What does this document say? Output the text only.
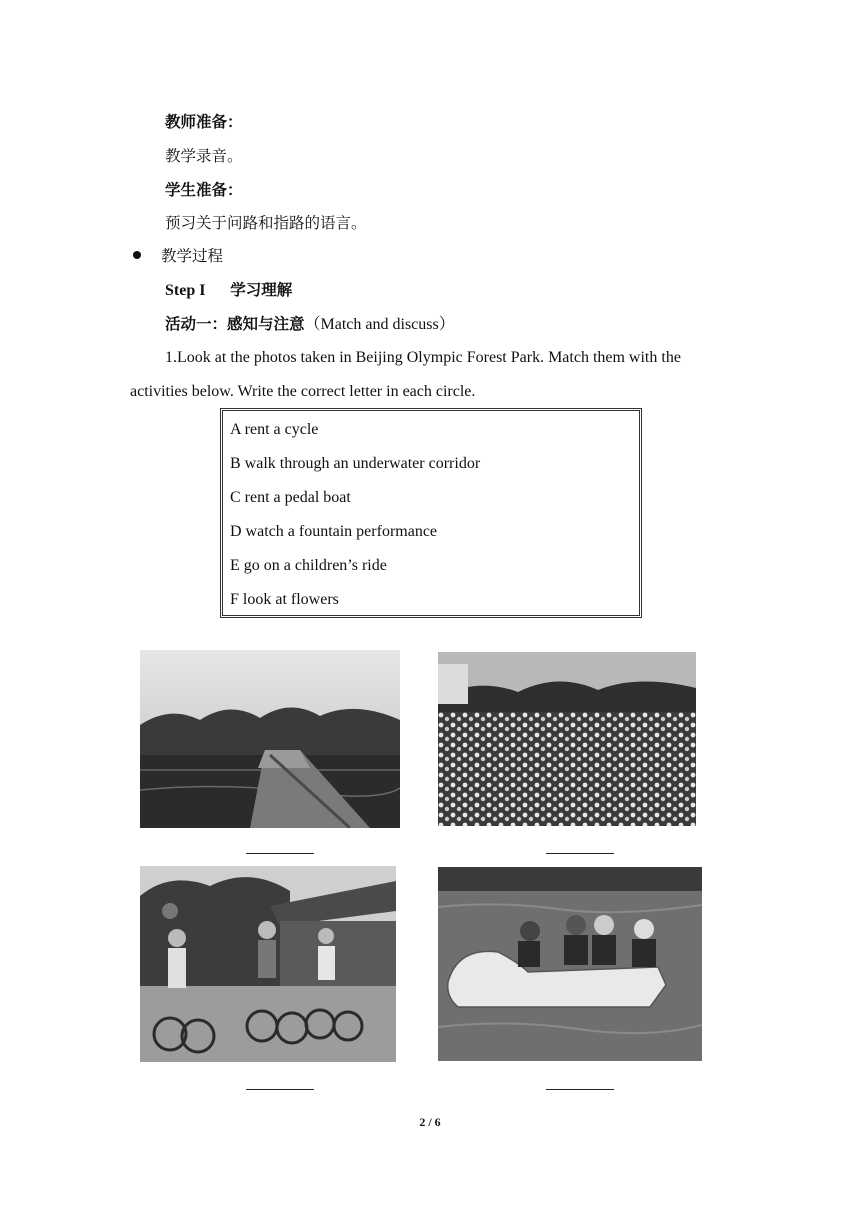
教师准备：
教学录音。
学生准备：
预习关于问路和指路的语言。
教学过程
Step I 学习理解
活动一：感知与注意（Match and discuss）
1.Look at the photos taken in Beijing Olympic Forest Park. Match them with the
activities below. Write the correct letter in each circle.
A rent a cycle
B walk through an underwater corridor
C rent a pedal boat
D watch a fountain performance
E go on a children’s ride
F look at flowers
2 / 6
